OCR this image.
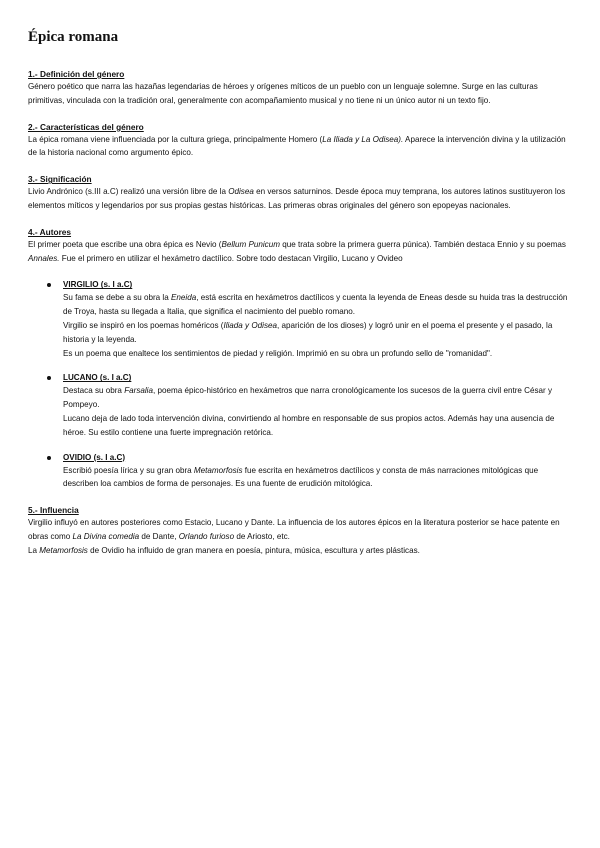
Épica romana

1.- Definición del género

Género poético que narra las hazañas legendarias de héroes y orígenes míticos de un pueblo con un lenguaje solemne. Surge en las culturas primitivas, vinculada con la tradición oral, generalmente con acompañamiento musical y no tiene ni un único autor ni un texto fijo.

2.- Características del género

La épica romana viene influenciada por la cultura griega, principalmente Homero (La Iliada y La Odisea). Aparece la intervención divina y la utilización de la historia nacional como argumento épico.

3.- Significación

Livio Andrónico (s.III a.C) realizó una versión libre de la Odisea en versos saturninos. Desde época muy temprana, los autores latinos sustituyeron los elementos míticos y legendarios por sus propias gestas históricas. Las primeras obras originales del género son epopeyas nacionales.

4.- Autores

El primer poeta que escribe una obra épica es Nevio (Bellum Punicum que trata sobre la primera guerra púnica). También destaca Ennio y su poemas Annales. Fue el primero en utilizar el hexámetro dactílico. Sobre todo destacan Virgilio, Lucano y Ovideo

VIRGILIO (s. I a.C)

Su fama se debe a su obra la Eneida, está escrita en hexámetros dactílicos y cuenta la leyenda de Eneas desde su huida tras la destrucción de Troya, hasta su llegada a Italia, que significa el nacimiento del pueblo romano.

Virgilio se inspiró en los poemas homéricos (Iliada y Odisea, aparición de los dioses) y logró unir en el poema el presente y el pasado, la historia y la leyenda.

Es un poema que enaltece los sentimientos de piedad y religión. Imprimió en su obra un profundo sello de "romanidad".

LUCANO (s. I a.C)

Destaca su obra Farsalia, poema épico-histórico en hexámetros que narra cronológicamente los sucesos de la guerra civil entre César y Pompeyo.

Lucano deja de lado toda intervención divina, convirtiendo al hombre en responsable de sus propios actos. Además hay una ausencia de héroe. Su estilo contiene una fuerte impregnación retórica.

OVIDIO (s. I a.C)

Escribió poesía lírica y su gran obra Metamorfosis fue escrita en hexámetros dactílicos y consta de más narraciones mitológicas que describen loa cambios de forma de personajes. Es una fuente de erudición mitológica.

5.- Influencia

Virgilio influyó en autores posteriores como Estacio, Lucano y Dante. La influencia de los autores épicos en la literatura posterior se hace patente en obras como La Divina comedia de Dante, Orlando furioso de Ariosto, etc.

La Metamorfosis de Ovidio ha influido de gran manera en poesía, pintura, música, escultura y artes plásticas.
